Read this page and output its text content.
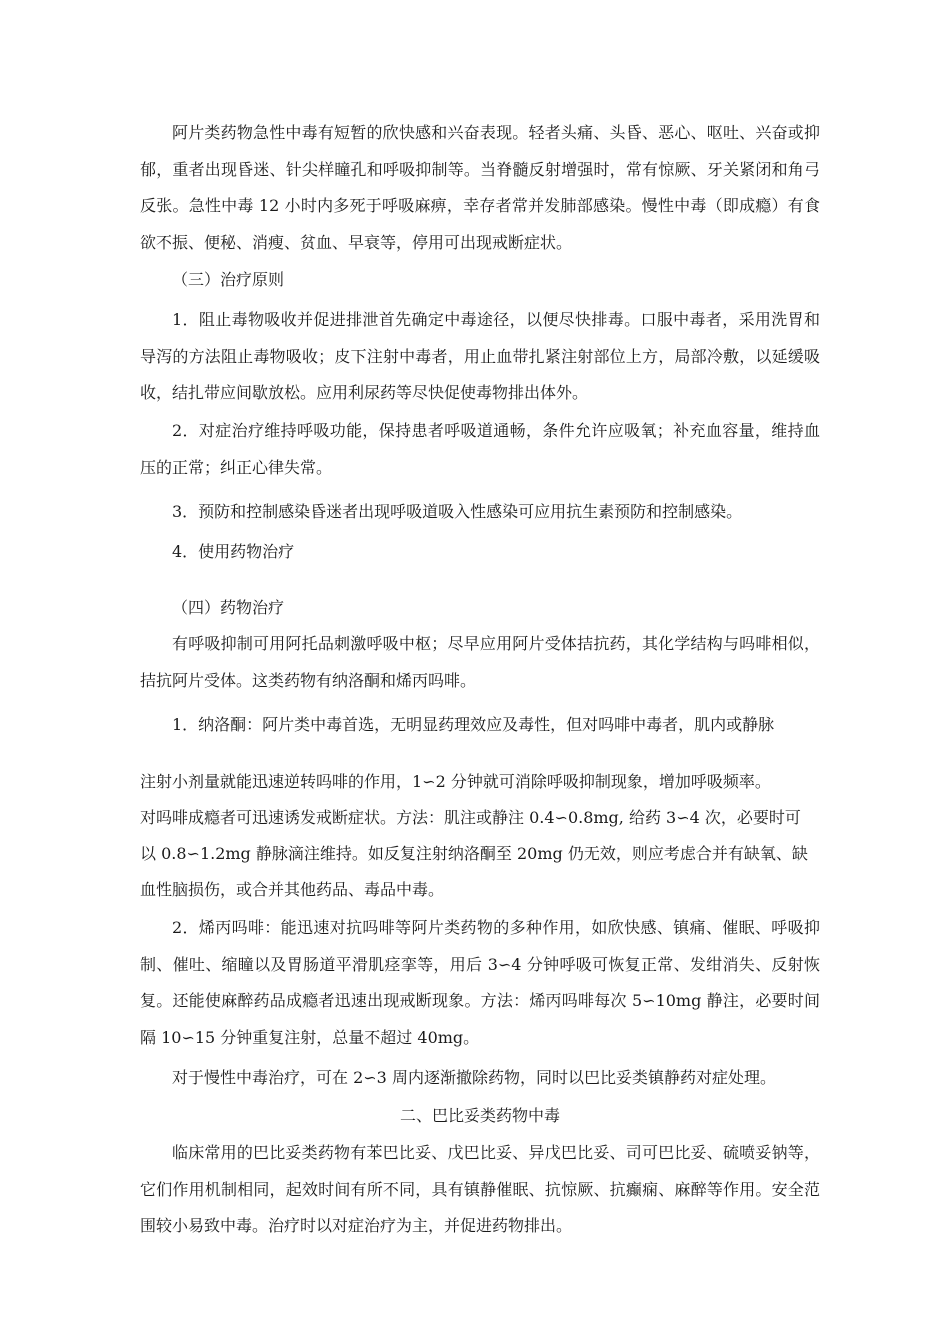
阿片类药物急性中毒有短暂的欣快感和兴奋表现。轻者头痛、头昏、恶心、呕吐、兴奋或抑郁，重者出现昏迷、针尖样瞳孔和呼吸抑制等。当脊髓反射增强时，常有惊厥、牙关紧闭和角弓反张。急性中毒 12 小时内多死于呼吸麻痹，幸存者常并发肺部感染。慢性中毒（即成瘾）有食欲不振、便秘、消瘦、贫血、早衰等，停用可出现戒断症状。

（三）治疗原则

1．阻止毒物吸收并促进排泄首先确定中毒途径，以便尽快排毒。口服中毒者，采用洗胃和导泻的方法阻止毒物吸收；皮下注射中毒者，用止血带扎紧注射部位上方，局部冷敷，以延缓吸收，结扎带应间歇放松。应用利尿药等尽快促使毒物排出体外。

2．对症治疗维持呼吸功能，保持患者呼吸道通畅，条件允许应吸氧；补充血容量，维持血压的正常；纠正心律失常。

3．预防和控制感染昏迷者出现呼吸道吸入性感染可应用抗生素预防和控制感染。

4．使用药物治疗

（四）药物治疗

有呼吸抑制可用阿托品刺激呼吸中枢；尽早应用阿片受体拮抗药，其化学结构与吗啡相似，拮抗阿片受体。这类药物有纳洛酮和烯丙吗啡。

1．纳洛酮：阿片类中毒首选，无明显药理效应及毒性，但对吗啡中毒者，肌内或静脉

注射小剂量就能迅速逆转吗啡的作用，1∽2 分钟就可消除呼吸抑制现象，增加呼吸频率。

对吗啡成瘾者可迅速诱发戒断症状。方法：肌注或静注 0.4∽0.8mg, 给药 3∽4 次，必要时可

以 0.8∽1.2mg 静脉滴注维持。如反复注射纳洛酮至 20mg 仍无效，则应考虑合并有缺氧、缺

血性脑损伤，或合并其他药品、毒品中毒。

2．烯丙吗啡：能迅速对抗吗啡等阿片类药物的多种作用，如欣快感、镇痛、催眠、呼吸抑制、催吐、缩瞳以及胃肠道平滑肌痉挛等，用后 3∽4 分钟呼吸可恢复正常、发绀消失、反射恢复。还能使麻醉药品成瘾者迅速出现戒断现象。方法：烯丙吗啡每次 5∽10mg 静注，必要时间隔 10∽15 分钟重复注射，总量不超过 40mg。

对于慢性中毒治疗，可在 2∽3 周内逐渐撤除药物，同时以巴比妥类镇静药对症处理。

二、巴比妥类药物中毒

临床常用的巴比妥类药物有苯巴比妥、戊巴比妥、异戊巴比妥、司可巴比妥、硫喷妥钠等，它们作用机制相同，起效时间有所不同，具有镇静催眠、抗惊厥、抗癫痫、麻醉等作用。安全范围较小易致中毒。治疗时以对症治疗为主，并促进药物排出。
